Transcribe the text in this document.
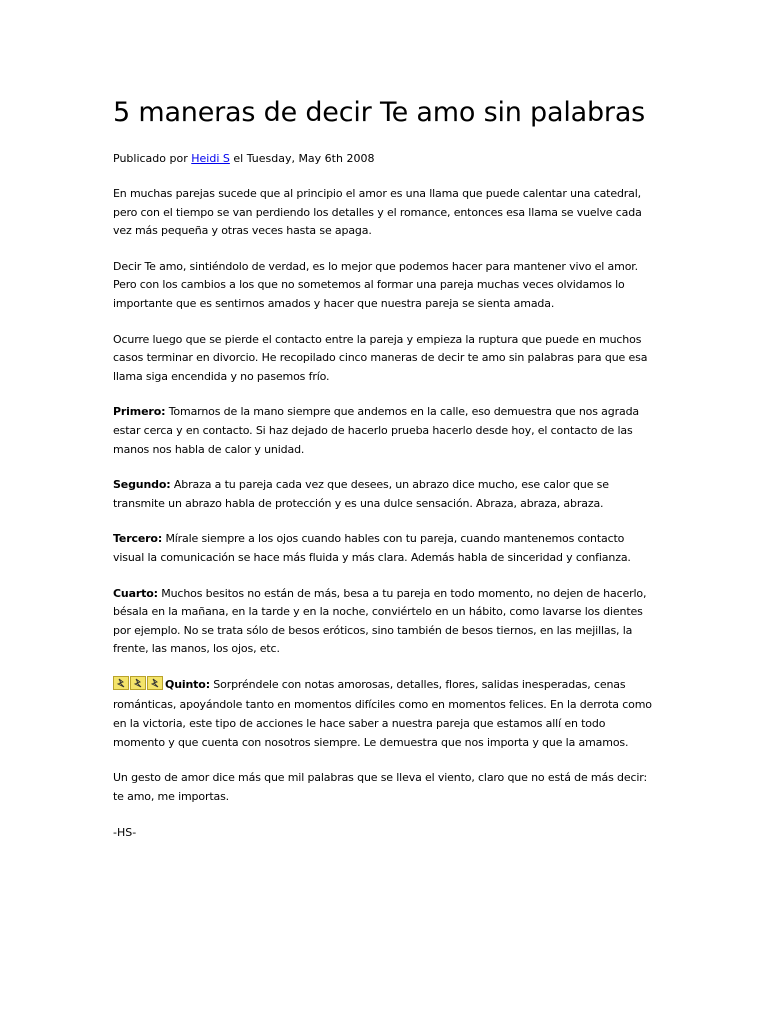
5 maneras de decir Te amo sin palabras
Publicado por Heidi S el Tuesday, May 6th 2008

En muchas parejas sucede que al principio el amor es una llama que puede calentar una catedral, pero con el tiempo se van perdiendo los detalles y el romance, entonces esa llama se vuelve cada vez más pequeña y otras veces hasta se apaga.

Decir Te amo, sintiéndolo de verdad, es lo mejor que podemos hacer para mantener vivo el amor. Pero con los cambios a los que no sometemos al formar una pareja muchas veces olvidamos lo importante que es sentirnos amados y hacer que nuestra pareja se sienta amada.

Ocurre luego que se pierde el contacto entre la pareja y empieza la ruptura que puede en muchos casos terminar en divorcio. He recopilado cinco maneras de decir te amo sin palabras para que esa llama siga encendida y no pasemos frío.

Primero: Tomarnos de la mano siempre que andemos en la calle, eso demuestra que nos agrada estar cerca y en contacto. Si haz dejado de hacerlo prueba hacerlo desde hoy, el contacto de las manos nos habla de calor y unidad.

Segundo: Abraza a tu pareja cada vez que desees, un abrazo dice mucho, ese calor que se transmite un abrazo habla de protección y es una dulce sensación. Abraza, abraza, abraza.

Tercero: Mírale siempre a los ojos cuando hables con tu pareja, cuando mantenemos contacto visual la comunicación se hace más fluida y más clara. Además habla de sinceridad y confianza.

Cuarto: Muchos besitos no están de más, besa a tu pareja en todo momento, no dejen de hacerlo, bésala en la mañana, en la tarde y en la noche, conviértelo en un hábito, como lavarse los dientes por ejemplo. No se trata sólo de besos eróticos, sino también de besos tiernos, en las mejillas, la frente, las manos, los ojos, etc.

Quinto: Sorpréndele con notas amorosas, detalles, flores, salidas inesperadas, cenas románticas, apoyándole tanto en momentos difíciles como en momentos felices. En la derrota como en la victoria, este tipo de acciones le hace saber a nuestra pareja que estamos allí en todo momento y que cuenta con nosotros siempre. Le demuestra que nos importa y que la amamos.

Un gesto de amor dice más que mil palabras que se lleva el viento, claro que no está de más decir: te amo, me importas.

-HS-
